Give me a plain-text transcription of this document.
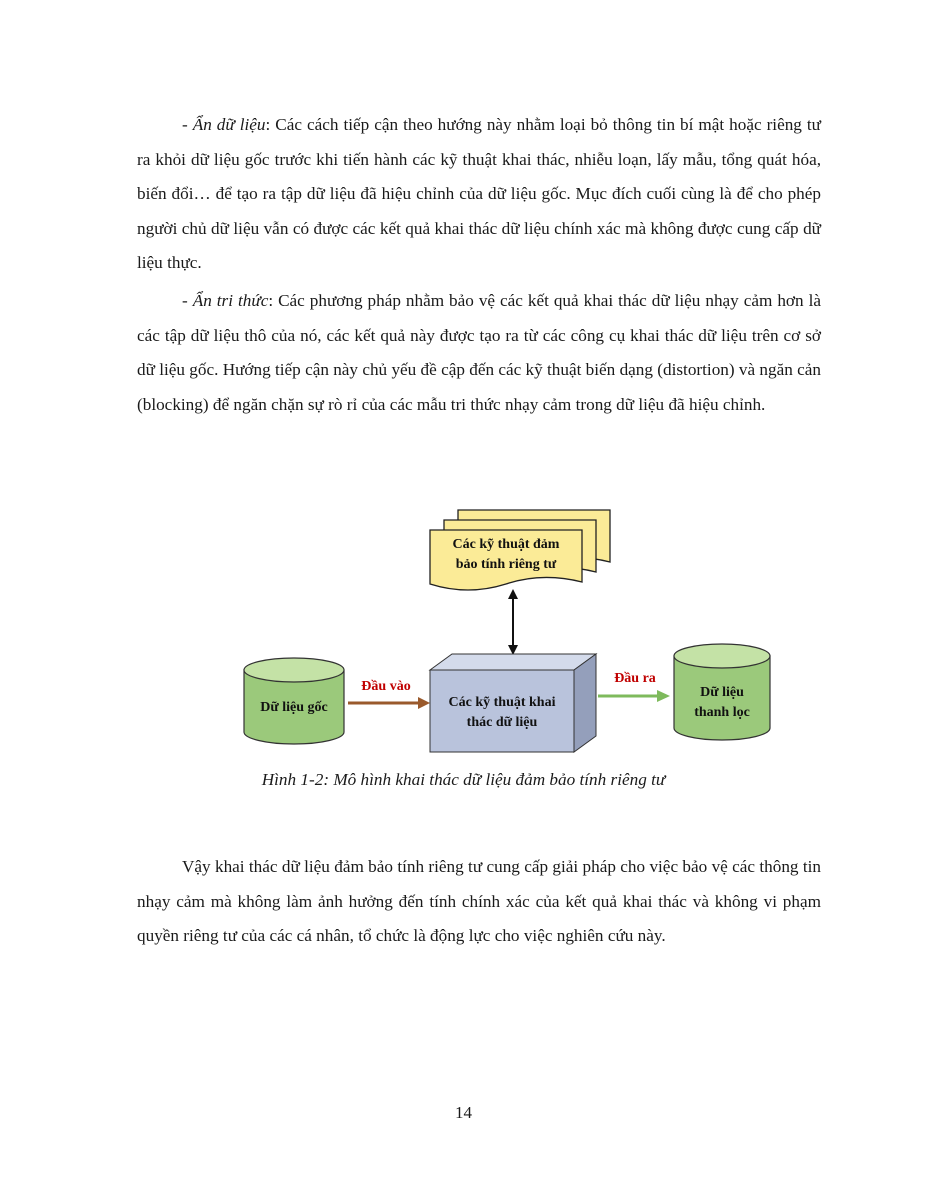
- Ẩn dữ liệu: Các cách tiếp cận theo hướng này nhằm loại bỏ thông tin bí mật hoặc riêng tư ra khỏi dữ liệu gốc trước khi tiến hành các kỹ thuật khai thác, nhiễu loạn, lấy mẫu, tổng quát hóa, biến đổi… để tạo ra tập dữ liệu đã hiệu chỉnh của dữ liệu gốc. Mục đích cuối cùng là để cho phép người chủ dữ liệu vẫn có được các kết quả khai thác dữ liệu chính xác mà không được cung cấp dữ liệu thực.

- Ẩn tri thức: Các phương pháp nhằm bảo vệ các kết quả khai thác dữ liệu nhạy cảm hơn là các tập dữ liệu thô của nó, các kết quả này được tạo ra từ các công cụ khai thác dữ liệu trên cơ sở dữ liệu gốc. Hướng tiếp cận này chủ yếu đề cập đến các kỹ thuật biến dạng (distortion) và ngăn cản (blocking) để ngăn chặn sự rò rỉ của các mẫu tri thức nhạy cảm trong dữ liệu đã hiệu chỉnh.

Các kỹ thuật đảm
bảo tính riêng tư
Dữ liệu gốc
Đầu vào
Các kỹ thuật khai
thác dữ liệu
Đầu ra
Dữ liệu
thanh lọc

Hình 1-2: Mô hình khai thác dữ liệu đảm bảo tính riêng tư

Vậy khai thác dữ liệu đảm bảo tính riêng tư cung cấp giải pháp cho việc bảo vệ các thông tin nhạy cảm mà không làm ảnh hưởng đến tính chính xác của kết quả khai thác và không vi phạm quyền riêng tư của các cá nhân, tổ chức là động lực cho việc nghiên cứu này.

14
